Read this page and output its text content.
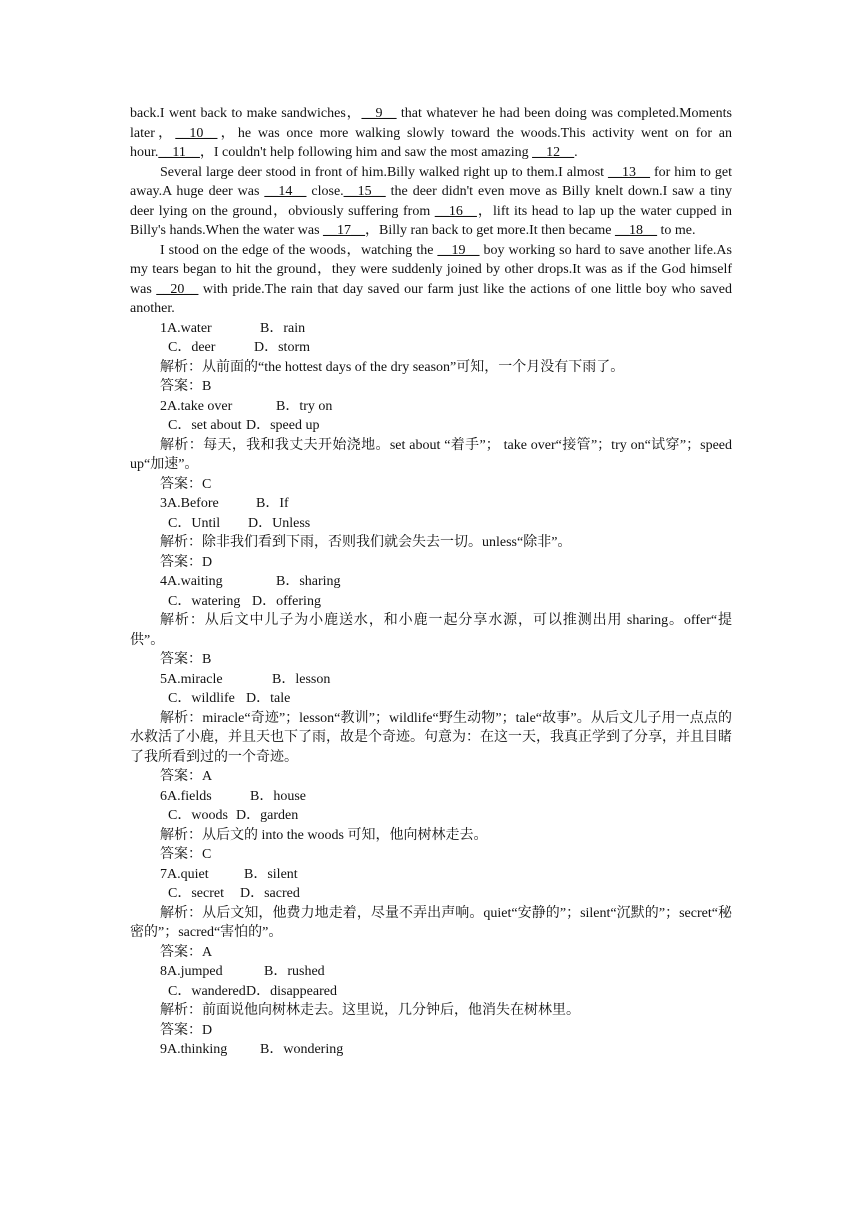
back.I went back to make sandwiches，__9__ that whatever he had been doing was completed.Moments later，__10__，he was once more walking slowly toward the woods.This activity went on for an hour.__11__，I couldn't help following him and saw the most amazing __12__.

Several large deer stood in front of him.Billy walked right up to them.I almost __13__ for him to get away.A huge deer was __14__ close.__15__ the deer didn't even move as Billy knelt down.I saw a tiny deer lying on the ground，obviously suffering from __16__，lift its head to lap up the water cupped in Billy's hands.When the water was __17__，Billy ran back to get more.It then became __18__ to me.

I stood on the edge of the woods，watching the __19__ boy working so hard to save another life.As my tears began to hit the ground，they were suddenly joined by other drops.It was as if the God himself was __20__ with pride.The rain that day saved our farm just like the actions of one little boy who saved another.

1A.water	B．rain

C．deer	D．storm

解析：从前面的“the hottest days of the dry season”可知，一个月没有下雨了。

答案：B

2A.take over	B．try on

C．set about D．speed up

解析：每天，我和我丈夫开始浇地。set about “着手”； take over“接管”；try on“试穿”；speed up“加速”。

答案：C

3A.Before	B．If

C．Until D．Unless

解析：除非我们看到下雨，否则我们就会失去一切。unless“除非”。

答案：D

4A.waiting	B．sharing

C．watering D．offering

解析：从后文中儿子为小鹿送水，和小鹿一起分享水源，可以推测出用 sharing。offer“提供”。

答案：B

5A.miracle	B．lesson

C．wildlife D．tale

解析：miracle“奇迹”；lesson“教训”；wildlife“野生动物”；tale“故事”。从后文儿子用一点点的水救活了小鹿，并且天也下了雨，故是个奇迹。句意为：在这一天，我真正学到了分享，并且目睹了我所看到过的一个奇迹。

答案：A

6A.fields	B．house

C．woods D．garden

解析：从后文的 into the woods 可知，他向树林走去。

答案：C

7A.quiet	B．silent

C．secret D．sacred

解析：从后文知，他费力地走着，尽量不弄出声响。quiet“安静的”；silent“沉默的”；secret“秘密的”；sacred“害怕的”。

答案：A

8A.jumped	B．rushed

C．wanderedD．disappeared

解析：前面说他向树林走去。这里说，几分钟后，他消失在树林里。

答案：D

9A.thinking B．wondering
